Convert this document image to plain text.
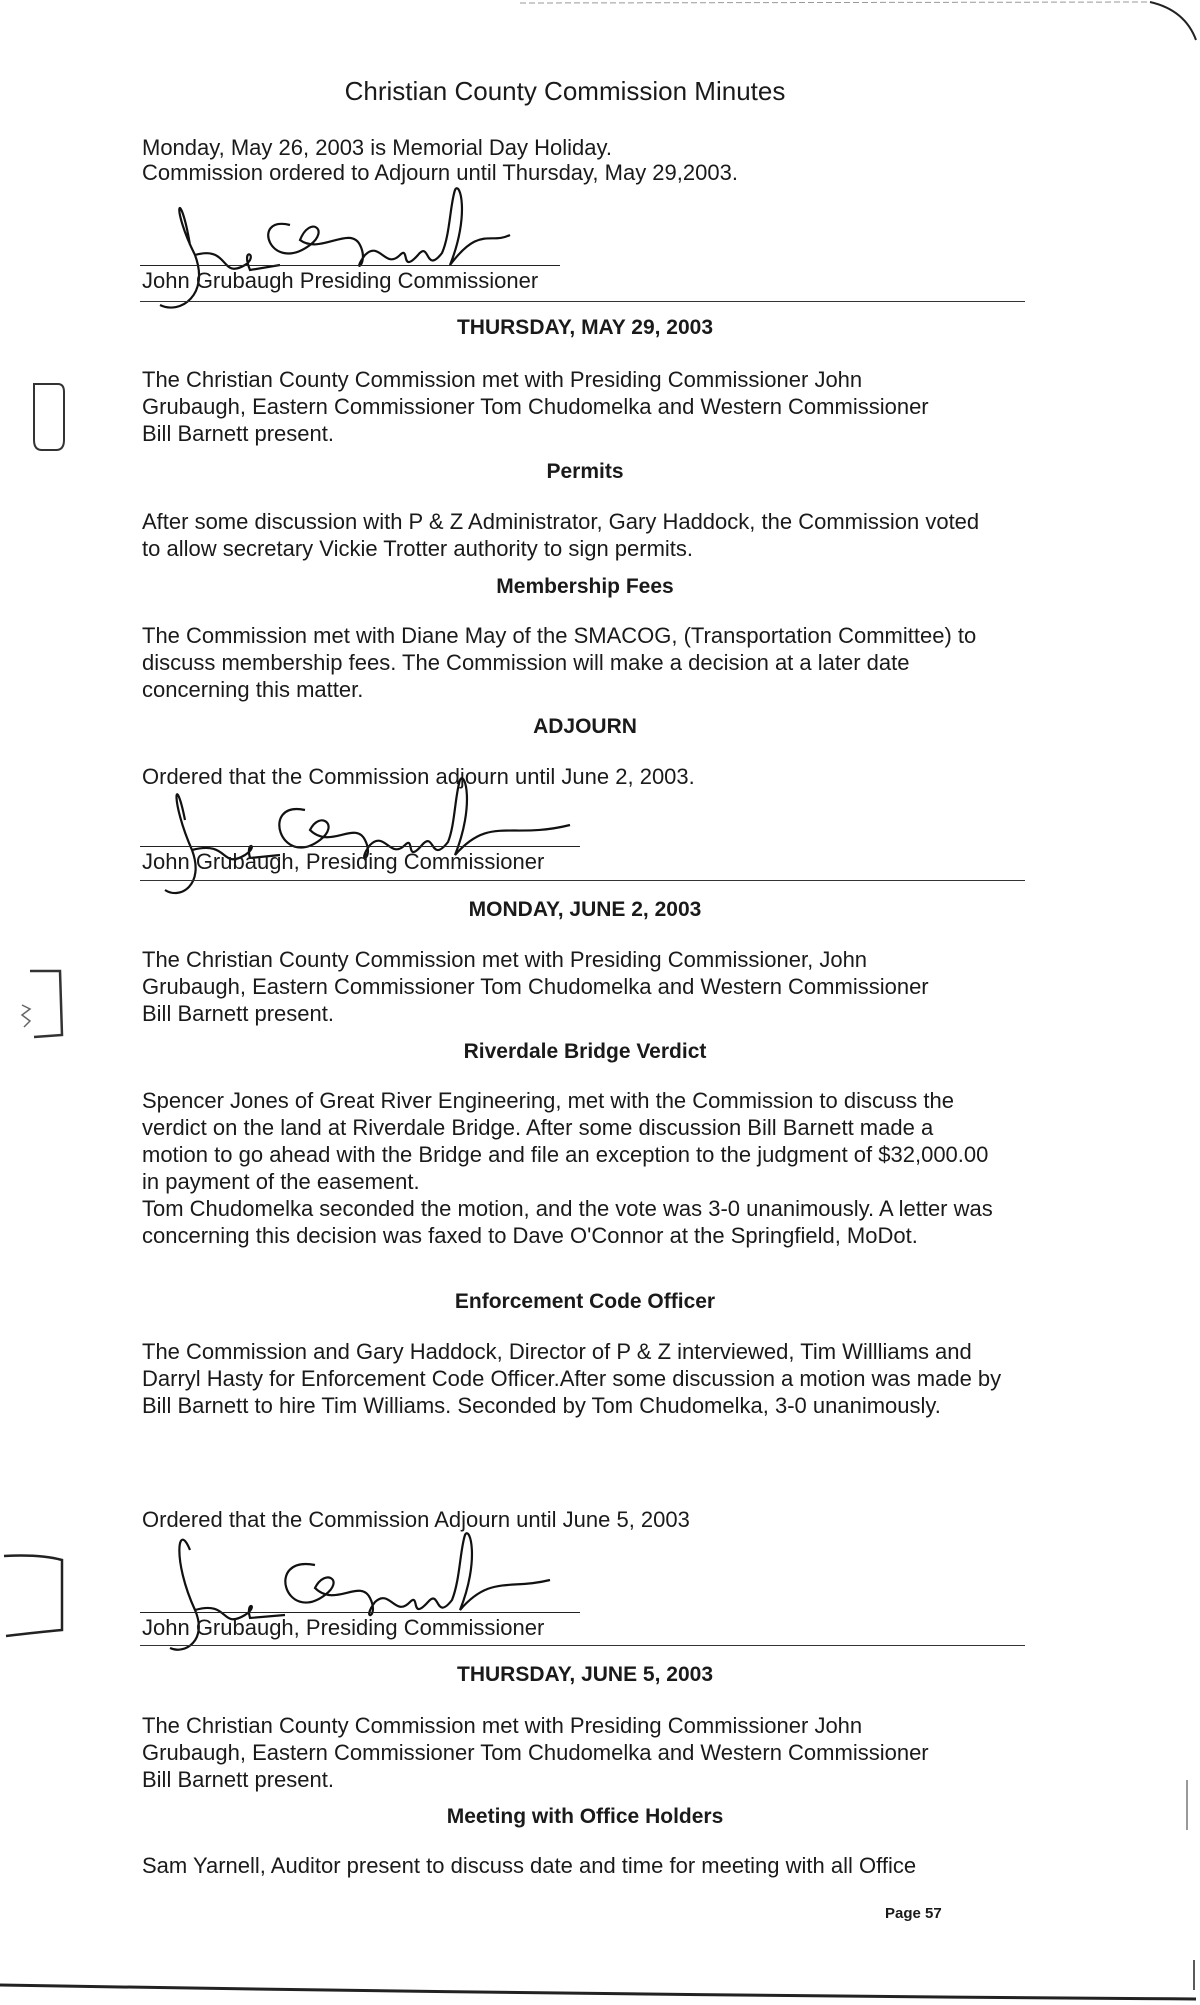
Christian County Commission Minutes
Monday, May 26, 2003 is Memorial Day Holiday.
Commission ordered to Adjourn until Thursday, May 29,2003.
John Grubaugh Presiding Commissioner
THURSDAY, MAY 29, 2003
The Christian County Commission met with Presiding Commissioner John Grubaugh, Eastern Commissioner Tom Chudomelka and Western Commissioner Bill Barnett present.
Permits
After some discussion with P & Z Administrator, Gary Haddock, the Commission voted to allow secretary Vickie Trotter authority to sign permits.
Membership Fees
The Commission met with Diane May of the SMACOG, (Transportation Committee) to discuss membership fees. The Commission will make a decision at a later date concerning this matter.
ADJOURN
Ordered that the Commission adjourn until June 2, 2003.
John Grubaugh, Presiding Commissioner
MONDAY, JUNE 2, 2003
The Christian County Commission met with Presiding Commissioner, John Grubaugh, Eastern Commissioner Tom Chudomelka and Western Commissioner Bill Barnett present.
Riverdale Bridge Verdict
Spencer Jones of Great River Engineering, met with the Commission to discuss the verdict on the land at Riverdale Bridge. After some discussion Bill Barnett made a motion to go ahead with the Bridge and file an exception to the judgment of $32,000.00 in payment of the easement.
Tom Chudomelka seconded the motion, and the vote was 3-0 unanimously. A letter was concerning this decision was faxed to Dave O'Connor at the Springfield, MoDot.
Enforcement Code Officer
The Commission and Gary Haddock, Director of P & Z interviewed, Tim Willliams and Darryl Hasty for Enforcement Code Officer.After some discussion a motion was made by Bill Barnett to hire Tim Williams. Seconded by Tom Chudomelka, 3-0 unanimously.
Ordered that the Commission Adjourn until June 5, 2003
John Grubaugh, Presiding Commissioner
THURSDAY, JUNE 5, 2003
The Christian County Commission met with Presiding Commissioner John Grubaugh, Eastern Commissioner Tom Chudomelka and Western Commissioner Bill Barnett present.
Meeting with Office Holders
Sam Yarnell, Auditor present to discuss date and time for meeting with all Office
Page 57
